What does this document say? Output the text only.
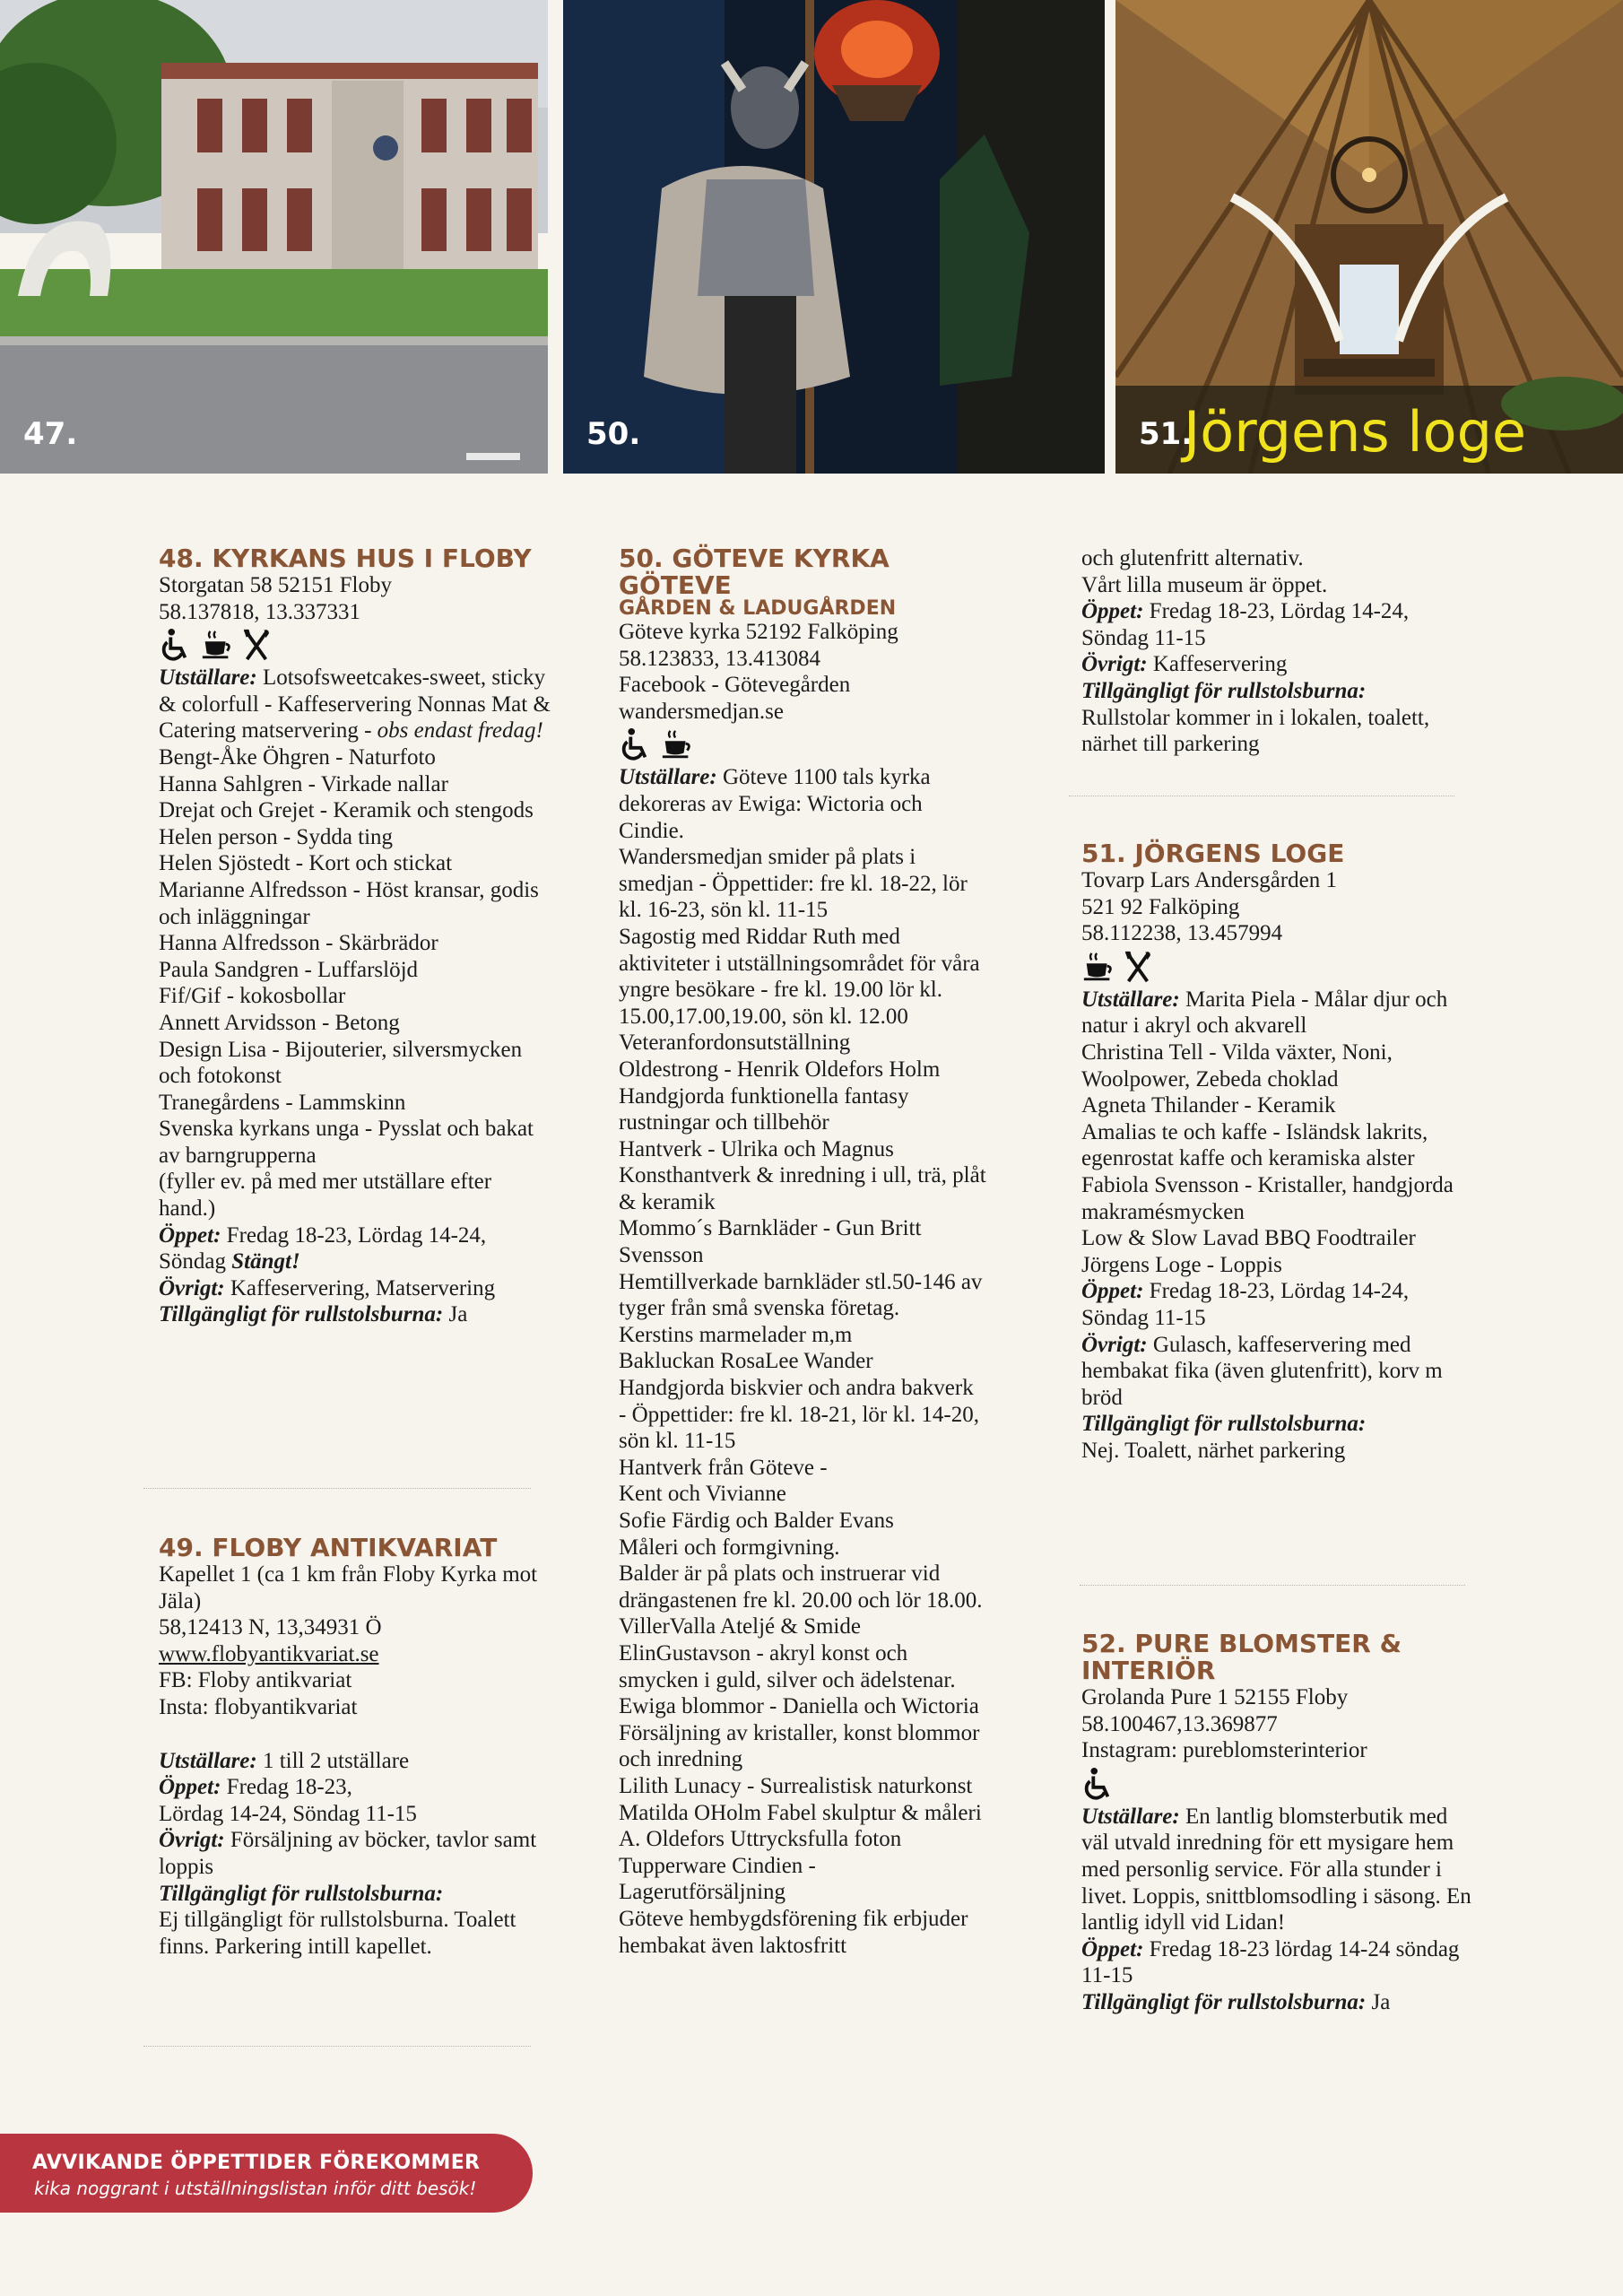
47.	50.	51.
Jörgens loge
48. KYRKANS HUS I FLOBY

Storgatan 58 52151 Floby

58.137818, 13.337331

Utställare: Lotsofsweetcakes-sweet, sticky & colorfull - Kaffeservering Nonnas Mat & Catering matservering - obs endast fredag!

Bengt-Åke Öhgren - Naturfoto
Hanna Sahlgren - Virkade nallar
Drejat och Grejet - Keramik och stengods
Helen person - Sydda ting
Helen Sjöstedt - Kort och stickat
Marianne Alfredsson - Höst kransar, godis och inläggningar
Hanna Alfredsson - Skärbrädor
Paula Sandgren - Luffarslöjd
Fif/Gif - kokosbollar
Annett Arvidsson - Betong
Design Lisa - Bijouterier, silversmycken och fotokonst
Tranegårdens - Lammskinn
Svenska kyrkans unga - Pysslat och bakat av barngrupperna
(fyller ev. på med mer utställare efter hand.)

Öppet: Fredag 18-23, Lördag 14-24, Söndag Stängt!

Övrigt: Kaffeservering, Matservering

Tillgängligt för rullstolsburna: Ja

49. FLOBY ANTIKVARIAT

Kapellet 1 (ca 1 km från Floby Kyrka mot Jäla)

58,12413 N, 13,34931 Ö

www.flobyantikvariat.se

FB: Floby antikvariat

Insta: flobyantikvariat

Utställare: 1 till 2 utställare

Öppet: Fredag 18-23,
Lördag 14-24, Söndag 11-15

Övrigt: Försäljning av böcker, tavlor samt loppis

Tillgängligt för rullstolsburna:

Ej tillgängligt för rullstolsburna. Toalett finns. Parkering intill kapellet.

50. GÖTEVE KYRKA GÖTEVE
GÅRDEN & LADUGÅRDEN

Göteve kyrka 52192 Falköping

58.123833, 13.413084

Facebook - Götevegården

wandersmedjan.se

Utställare: Göteve 1100 tals kyrka dekoreras av Ewiga: Wictoria och Cindie.
Wandersmedjan smider på plats i smedjan - Öppettider: fre kl. 18-22, lör kl. 16-23, sön kl. 11-15
Sagostig med Riddar Ruth med aktiviteter i utställningsområdet för våra yngre besökare - fre kl. 19.00 lör kl. 15.00,17.00,19.00, sön kl. 12.00
Veteranfordonsutställning
Oldestrong - Henrik Oldefors Holm
Handgjorda funktionella fantasy rustningar och tillbehör
Hantverk - Ulrika och Magnus
Konsthantverk & inredning i ull, trä, plåt & keramik
Mommo´s Barnkläder - Gun Britt Svensson
Hemtillverkade barnkläder stl.50-146 av tyger från små svenska företag.
Kerstins marmelader m,m
Bakluckan RosaLee Wander
Handgjorda biskvier och andra bakverk - Öppettider: fre kl. 18-21, lör kl. 14-20, sön kl. 11-15
Hantverk från Göteve -
Kent och Vivianne
Sofie Färdig och Balder Evans
Måleri och formgivning.
Balder är på plats och instruerar vid drängastenen fre kl. 20.00 och lör 18.00.
VillerValla Ateljé & Smide
ElinGustavson - akryl konst och smycken i guld, silver och ädelstenar.
Ewiga blommor - Daniella och Wictoria Försäljning av kristaller, konst blommor och inredning
Lilith Lunacy - Surrealistisk naturkonst
Matilda OHolm Fabel skulptur & måleri
A. Oldefors Uttrycksfulla foton
Tupperware Cindien - Lagerutförsäljning
Göteve hembygdsförening fik erbjuder hembakat även laktosfritt

och glutenfritt alternativ.
Vårt lilla museum är öppet.

Öppet: Fredag 18-23, Lördag 14-24, Söndag 11-15

Övrigt: Kaffeservering

Tillgängligt för rullstolsburna:

Rullstolar kommer in i lokalen, toalett, närhet till parkering

51. JÖRGENS LOGE

Tovarp Lars Andersgården 1

521 92 Falköping

58.112238, 13.457994

Utställare: Marita Piela - Målar djur och natur i akryl och akvarell
Christina Tell - Vilda växter, Noni, Woolpower, Zebeda choklad
Agneta Thilander - Keramik
Amalias te och kaffe - Isländsk lakrits, egenrostat kaffe och keramiska alster
Fabiola Svensson - Kristaller, handgjorda makramésmycken
Low & Slow Lavad BBQ Foodtrailer
Jörgens Loge - Loppis

Öppet: Fredag 18-23, Lördag 14-24, Söndag 11-15

Övrigt: Gulasch, kaffeservering med hembakat fika (även glutenfritt), korv m bröd

Tillgängligt för rullstolsburna:

Nej. Toalett, närhet parkering

52. PURE BLOMSTER & INTERIÖR

Grolanda Pure 1 52155 Floby

58.100467,13.369877

Instagram: pureblomsterinterior

Utställare: En lantlig blomsterbutik med väl utvald inredning för ett mysigare hem med personlig service. För alla stunder i livet. Loppis, snittblomsodling i säsong. En lantlig idyll vid Lidan!

Öppet: Fredag 18-23 lördag 14-24 söndag 11-15

Tillgängligt för rullstolsburna: Ja

AVVIKANDE ÖPPETTIDER FÖREKOMMER
kika noggrant i utställningslistan inför ditt besök!
